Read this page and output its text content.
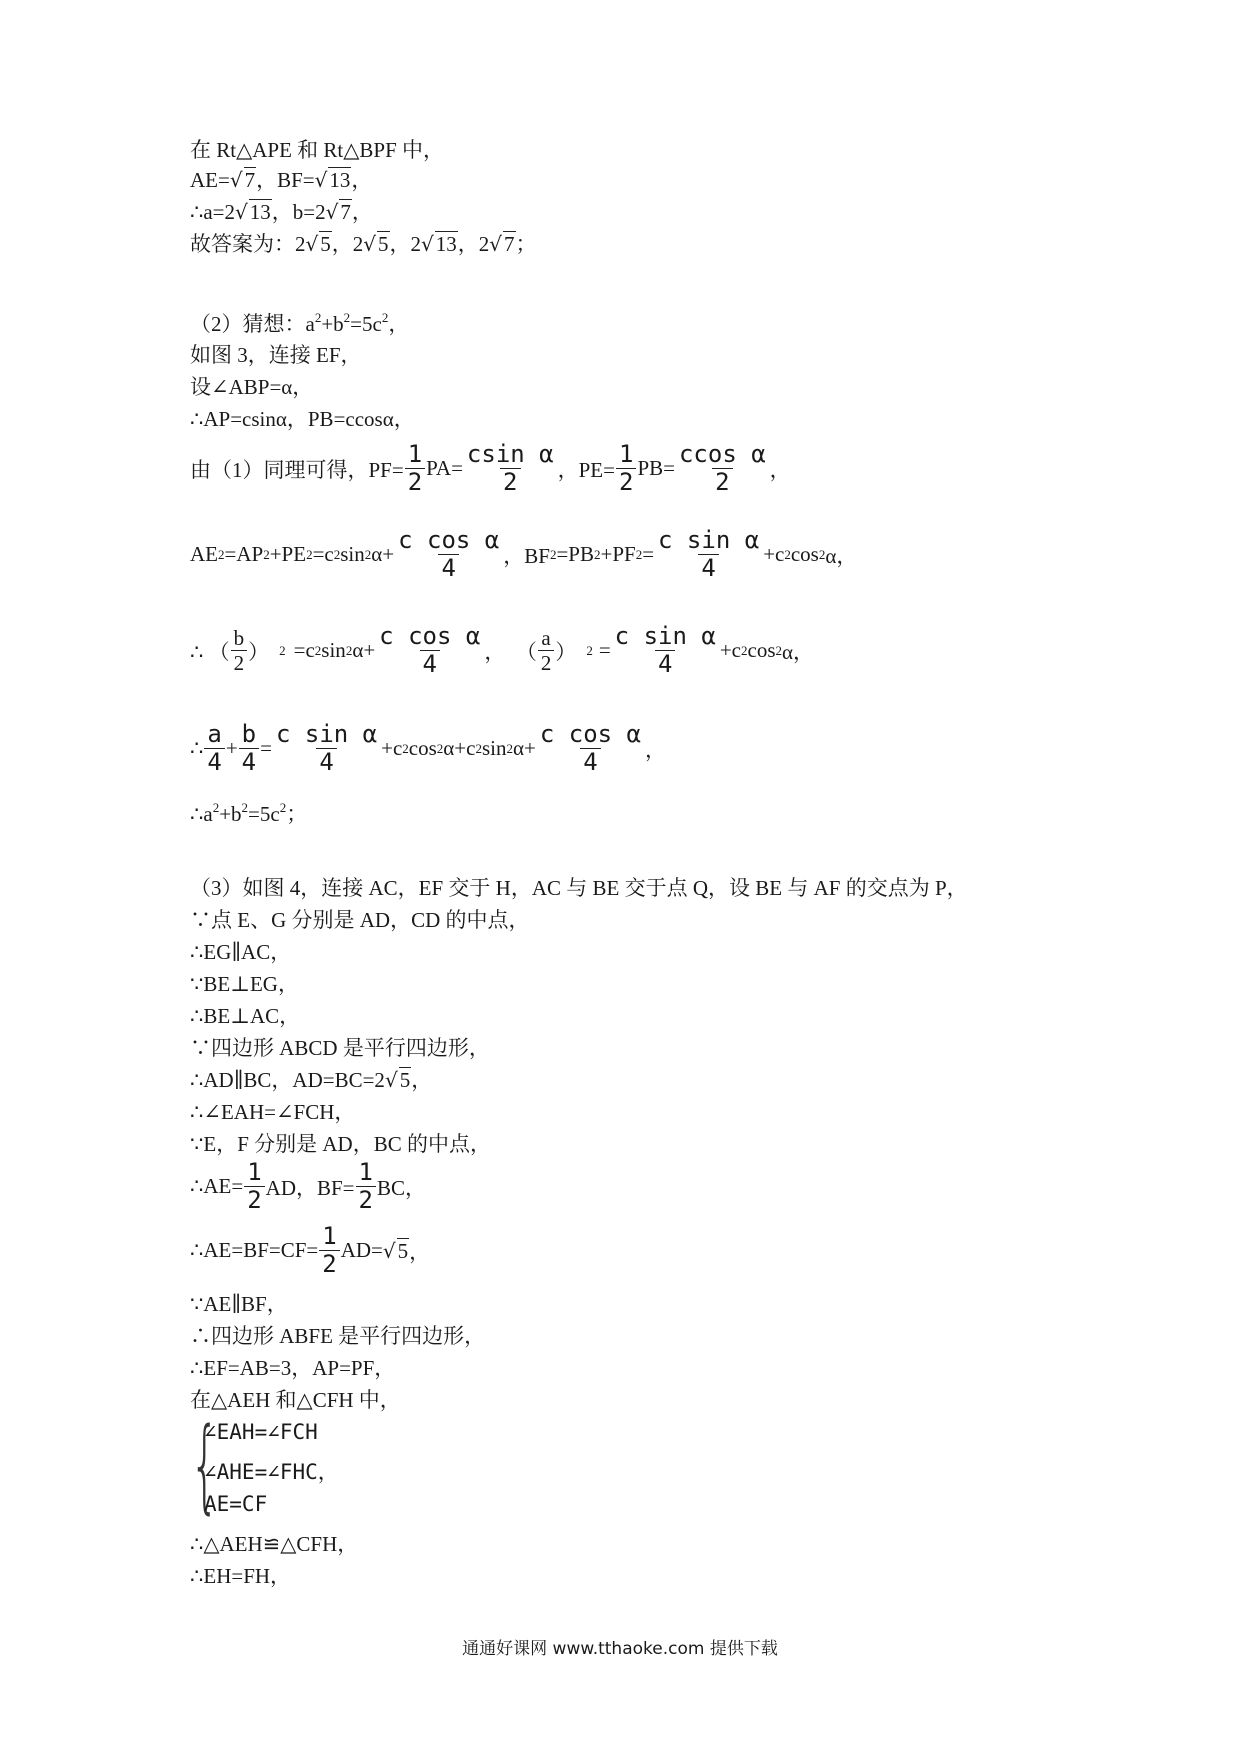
在 Rt△APE 和 Rt△BPF 中，
AE=√7，BF=√13，
∴a=2√13，b=2√7，
故答案为：2√5，2√5，2√13，2√7；
（2）猜想：$a^2+b^2=5c^2$，
如图 3，连接 EF，
设∠ABP=α，
∴AP=csinα，PB=ccosα，
由（1）同理可得，$PF= \frac{1}{2} PA= \frac{\text{csin α}}{2}$ ，$PE= \frac{1}{2} PB= \frac{\text{ccos α}}{2}$ ，
AE 2 =AP 2 +PE 2 =c 2 sin 2 $\alpha+ \frac{\text{c cos α}}{4}$ ，BF 2 =PB 2 +PF $2 = \frac{\text{c sin α}}{4} +c$ 2 cos 2 α，
∴ （ $\frac{b}{2}$ ） 2 =c 2 sin 2 $\alpha+ \frac{\text{c cos α}}{4}$ ，  （ $\frac{a}{2}$ ） $2 = \frac{\text{c sin α}}{4} +c$ 2 cos 2 α，
∴ $\frac{a}{4} + \frac{b}{4} = \frac{\text{c sin α}}{4} +c$ 2 cos 2 α+c 2 sin 2 $\alpha+ \frac{\text{c cos α}}{4}$ ，
$\therefore a^2+b^2=5c^2$；
（3）如图 4，连接 AC，EF 交于 H，AC 与 BE 交于点 Q，设 BE 与 AF 的交点为 P，
∵点 E、G 分别是 AD，CD 的中点，
∴EG∥AC，
∵BE⊥EG，
∴BE⊥AC，
∵四边形 ABCD 是平行四边形，
∴AD∥BC，AD=BC=2√5，
∴∠EAH=∠FCH，
∵E，F 分别是 AD，BC 的中点，
∴AE= $\frac{1}{2}$ AD，$BF= \frac{1}{2}$ BC，
∴AE=BF=CF= $\frac{1}{2} AD=$ √ 5 ，
∵AE∥BF，
∴四边形 ABFE 是平行四边形，
∴EF=AB=3，AP=PF，
在△AEH 和△CFH 中，
{
∠EAH=∠FCH
∠AHE=∠FHC，
AE=CF
∴△AEH≌△CFH，
∴EH=FH，
通通好课网 www.tthaoke.com 提供下载
